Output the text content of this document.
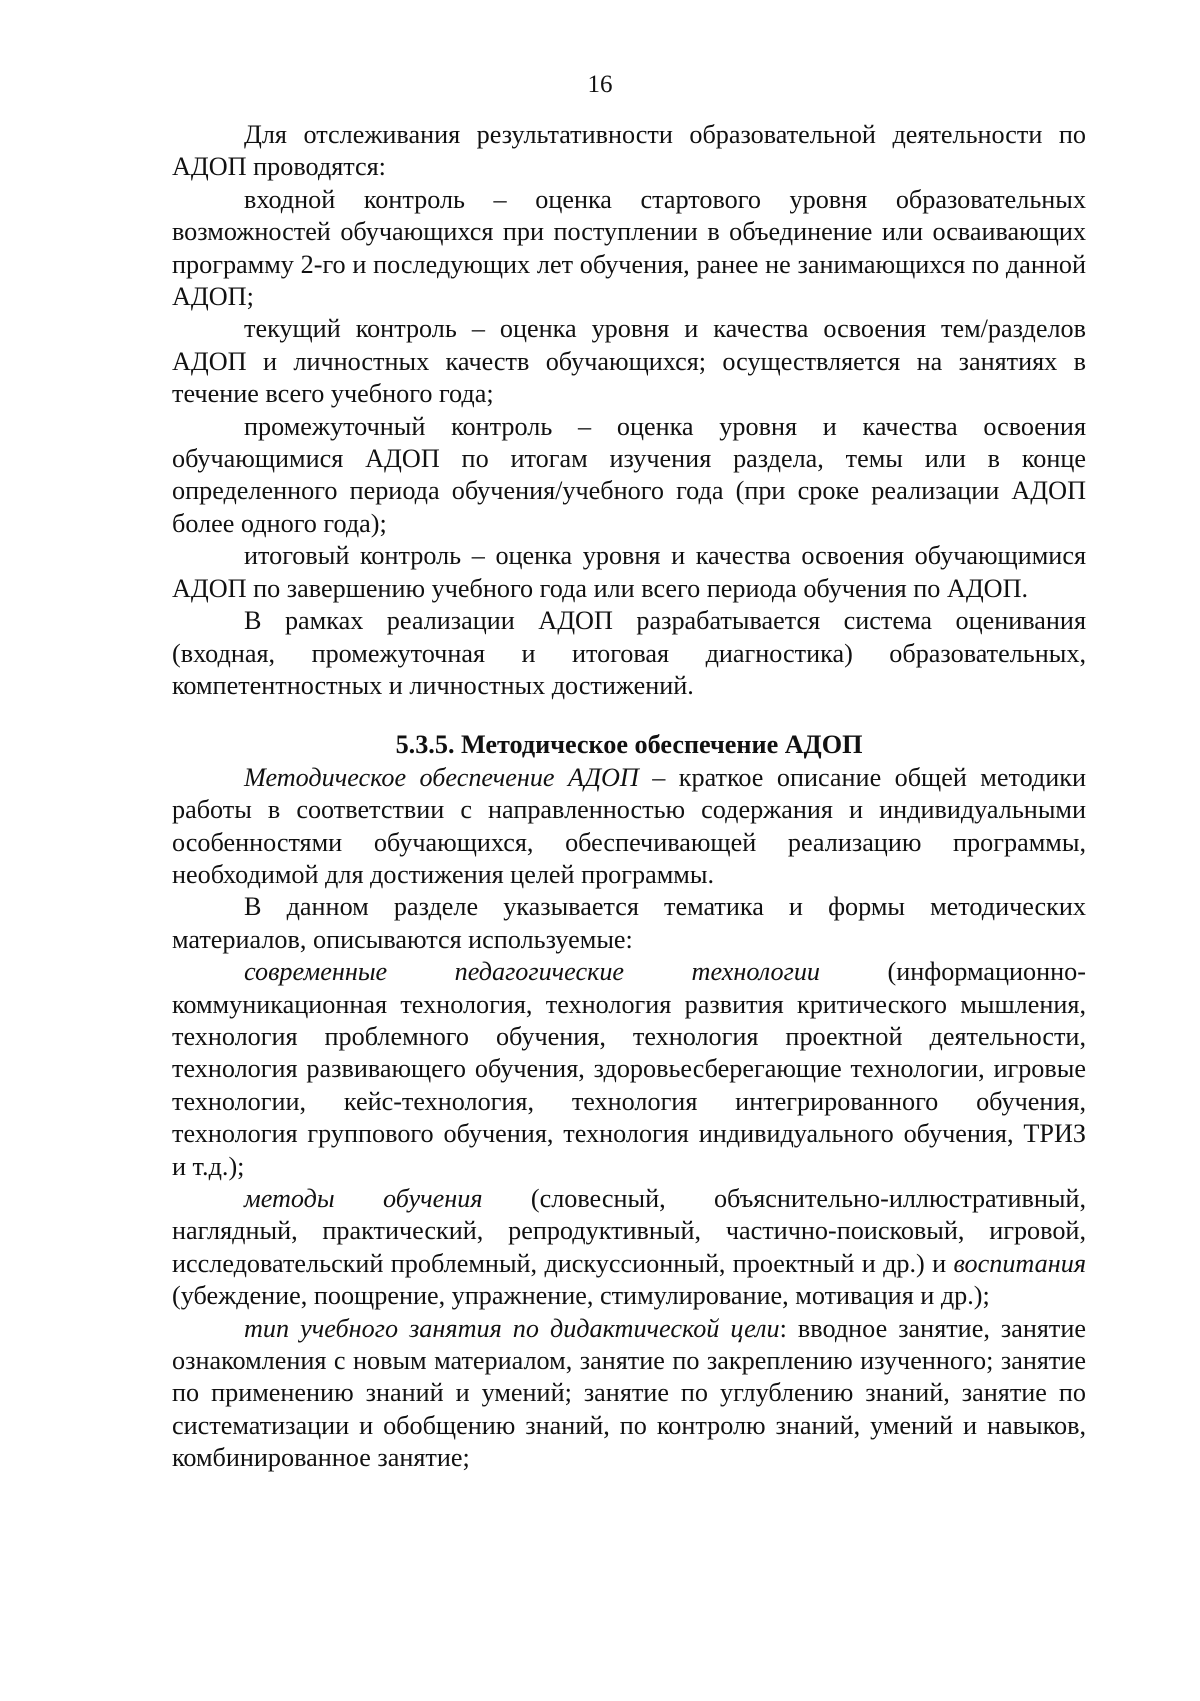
16

Для отслеживания результативности образовательной деятельности по АДОП проводятся:

входной контроль – оценка стартового уровня образовательных возможностей обучающихся при поступлении в объединение или осваивающих программу 2-го и последующих лет обучения, ранее не занимающихся по данной АДОП;

текущий контроль – оценка уровня и качества освоения тем/разделов АДОП и личностных качеств обучающихся; осуществляется на занятиях в течение всего учебного года;

промежуточный контроль – оценка уровня и качества освоения обучающимися АДОП по итогам изучения раздела, темы или в конце определенного периода обучения/учебного года (при сроке реализации АДОП более одного года);

итоговый контроль – оценка уровня и качества освоения обучающимися АДОП по завершению учебного года или всего периода обучения по АДОП.

В рамках реализации АДОП разрабатывается система оценивания (входная, промежуточная и итоговая диагностика) образовательных, компетентностных и личностных достижений.

5.3.5. Методическое обеспечение АДОП

Методическое обеспечение АДОП – краткое описание общей методики работы в соответствии с направленностью содержания и индивидуальными особенностями обучающихся, обеспечивающей реализацию программы, необходимой для достижения целей программы.

В данном разделе указывается тематика и формы методических материалов, описываются используемые:

современные педагогические технологии (информационно-коммуникационная технология, технология развития критического мышления, технология проблемного обучения, технология проектной деятельности, технология развивающего обучения, здоровьесберегающие технологии, игровые технологии, кейс-технология, технология интегрированного обучения, технология группового обучения, технология индивидуального обучения, ТРИЗ и т.д.);

методы обучения (словесный, объяснительно-иллюстративный, наглядный, практический, репродуктивный, частично-поисковый, игровой, исследовательский проблемный, дискуссионный, проектный и др.) и воспитания (убеждение, поощрение, упражнение, стимулирование, мотивация и др.);

тип учебного занятия по дидактической цели: вводное занятие, занятие ознакомления с новым материалом, занятие по закреплению изученного; занятие по применению знаний и умений; занятие по углублению знаний, занятие по систематизации и обобщению знаний, по контролю знаний, умений и навыков, комбинированное занятие;
